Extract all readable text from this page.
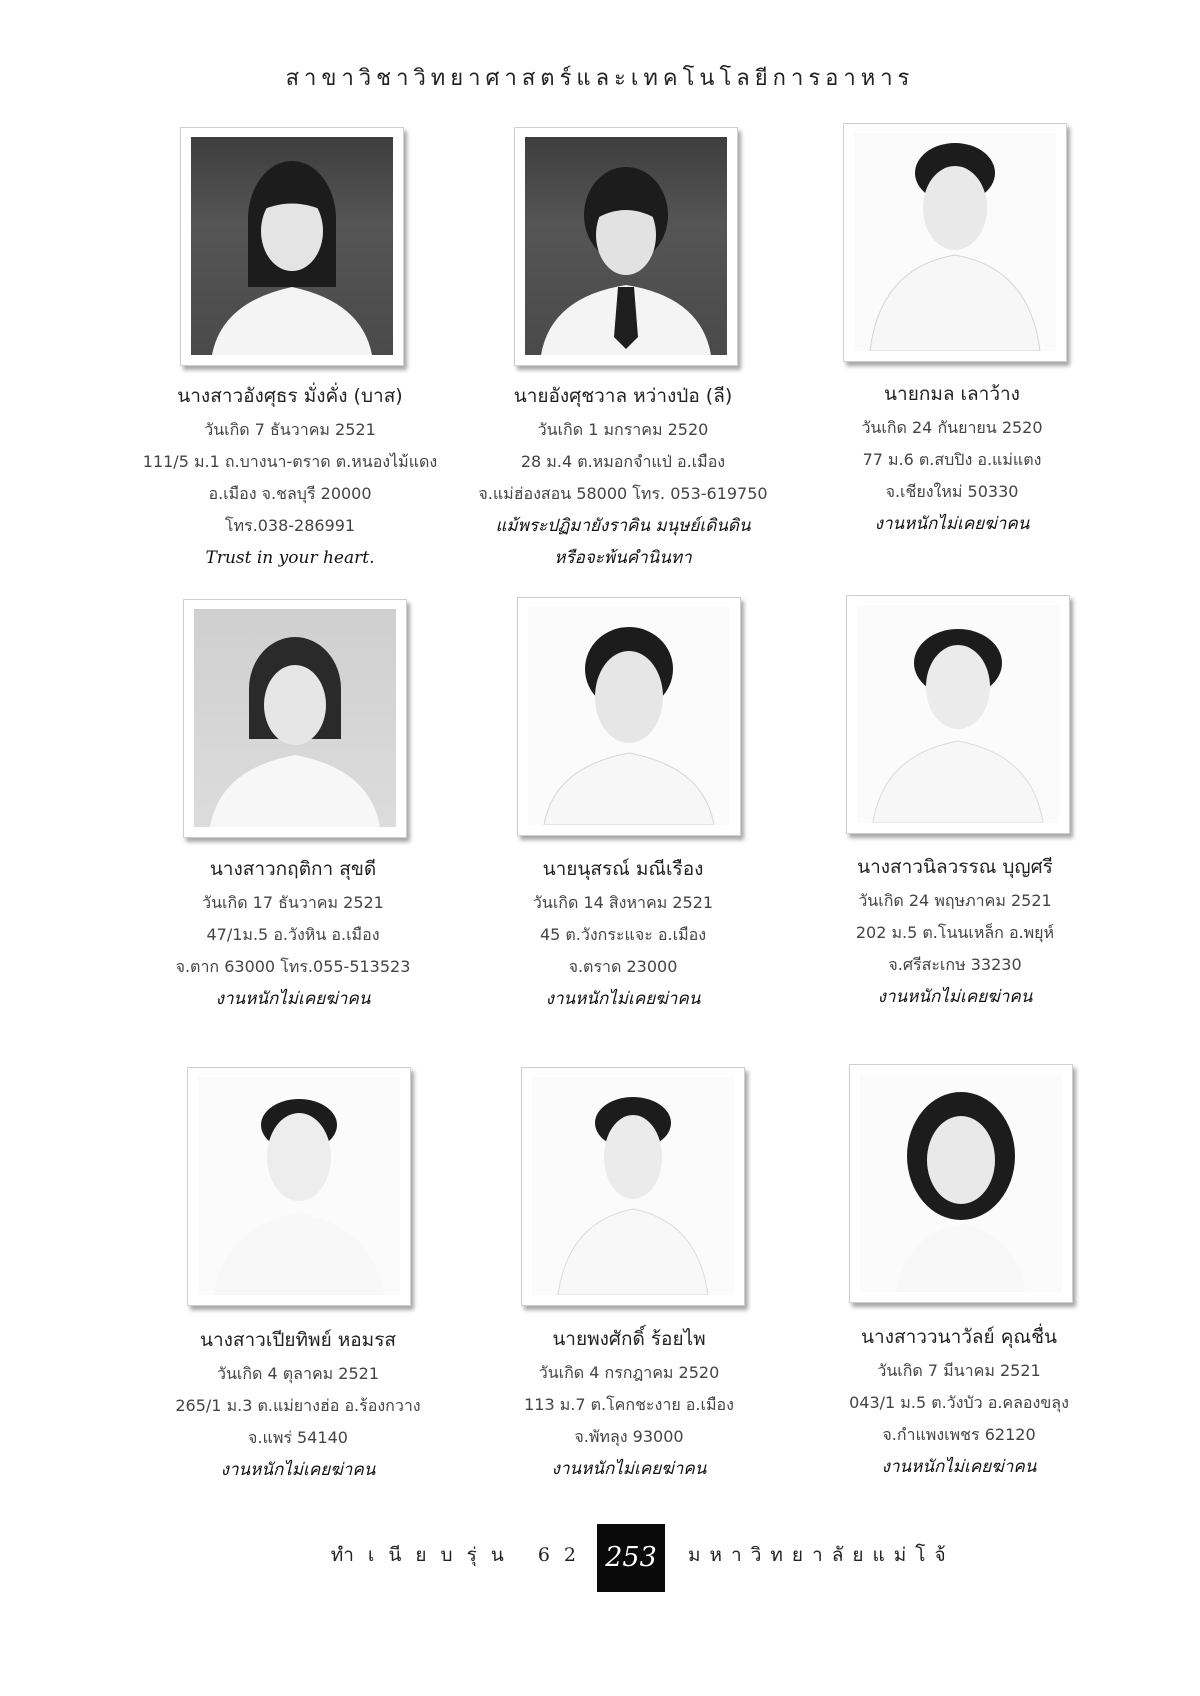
สาขาวิชาวิทยาศาสตร์และเทคโนโลยีการอาหาร
นางสาวอังศุธร มั่งคั่ง (บาส)
วันเกิด 7 ธันวาคม 2521
111/5 ม.1 ถ.บางนา-ตราด ต.หนองไม้แดง
อ.เมือง จ.ชลบุรี 20000
โทร.038-286991
Trust in your heart.
นายอังศุชวาล หว่างป่อ (ลี)
วันเกิด 1 มกราคม 2520
28 ม.4 ต.หมอกจำแป่ อ.เมือง
จ.แม่ฮ่องสอน 58000 โทร. 053-619750
แม้พระปฏิมายังราคิน มนุษย์เดินดิน
หรือจะพ้นคำนินทา
นายกมล เลาว้าง
วันเกิด 24 กันยายน 2520
77 ม.6 ต.สบปิง อ.แม่แตง
จ.เชียงใหม่ 50330
งานหนักไม่เคยฆ่าคน
นางสาวกฤติกา สุขดี
วันเกิด 17 ธันวาคม 2521
47/1ม.5 อ.วังหิน อ.เมือง
จ.ตาก 63000 โทร.055-513523
งานหนักไม่เคยฆ่าคน
นายนุสรณ์ มณีเรือง
วันเกิด 14 สิงหาคม 2521
45 ต.วังกระแจะ อ.เมือง
จ.ตราด 23000
งานหนักไม่เคยฆ่าคน
นางสาวนิลวรรณ บุญศรี
วันเกิด 24 พฤษภาคม 2521
202 ม.5 ต.โนนเหล็ก อ.พยุห์
จ.ศรีสะเกษ 33230
งานหนักไม่เคยฆ่าคน
นางสาวเปียทิพย์ หอมรส
วันเกิด 4 ตุลาคม 2521
265/1 ม.3 ต.แม่ยางฮ่อ อ.ร้องกวาง
จ.แพร่ 54140
งานหนักไม่เคยฆ่าคน
นายพงศักดิ์ ร้อยไพ
วันเกิด 4 กรกฎาคม 2520
113 ม.7 ต.โคกชะงาย อ.เมือง
จ.พัทลุง 93000
งานหนักไม่เคยฆ่าคน
นางสาววนาวัลย์ คุณชื่น
วันเกิด 7 มีนาคม 2521
043/1 ม.5 ต.วังบัว อ.คลองขลุง
จ.กำแพงเพชร 62120
งานหนักไม่เคยฆ่าคน
ทำเนียบรุ่น 62 253	มหาวิทยาลัยแม่โจ้
